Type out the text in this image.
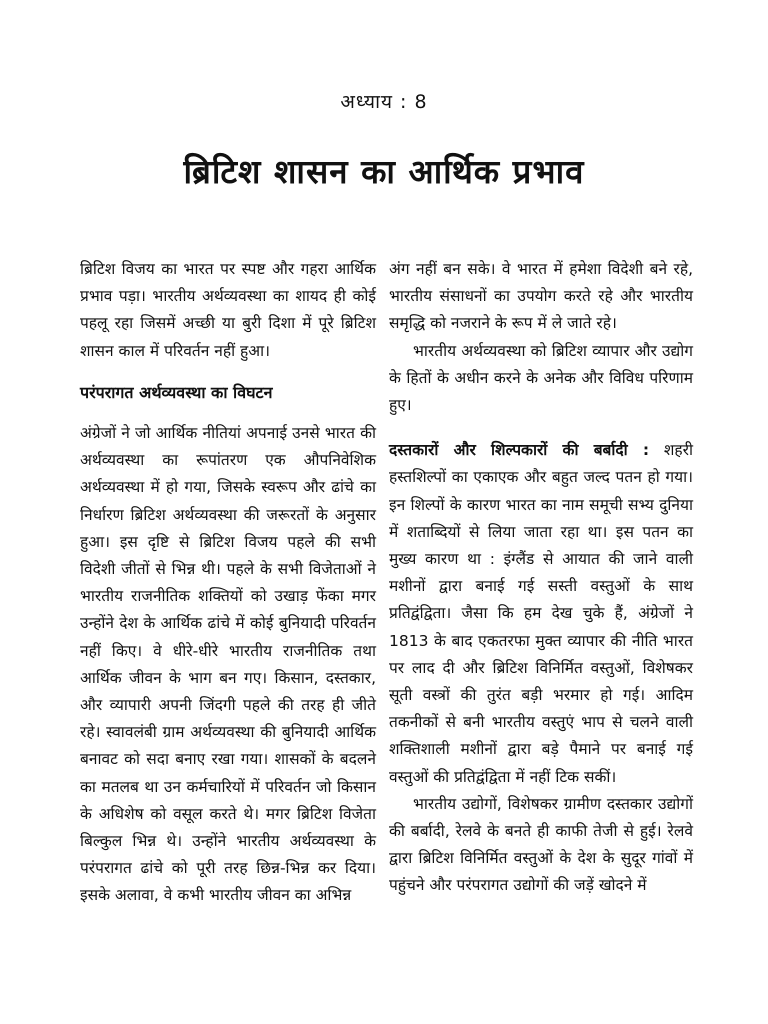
अध्याय : 8
ब्रिटिश शासन का आर्थिक प्रभाव

ब्रिटिश विजय का भारत पर स्पष्ट और गहरा आर्थिक प्रभाव पड़ा। भारतीय अर्थव्यवस्था का शायद ही कोई पहलू रहा जिसमें अच्छी या बुरी दिशा में पूरे ब्रिटिश शासन काल में परिवर्तन नहीं हुआ।

परंपरागत अर्थव्यवस्था का विघटन

अंग्रेजों ने जो आर्थिक नीतियां अपनाई उनसे भारत की अर्थव्यवस्था का रूपांतरण एक औपनिवेशिक अर्थव्यवस्था में हो गया, जिसके स्वरूप और ढांचे का निर्धारण ब्रिटिश अर्थव्यवस्था की जरूरतों के अनुसार हुआ। इस दृष्टि से ब्रिटिश विजय पहले की सभी विदेशी जीतों से भिन्न थी। पहले के सभी विजेताओं ने भारतीय राजनीतिक शक्तियों को उखाड़ फेंका मगर उन्होंने देश के आर्थिक ढांचे में कोई बुनियादी परिवर्तन नहीं किए। वे धीरे-धीरे भारतीय राजनीतिक तथा आर्थिक जीवन के भाग बन गए। किसान, दस्तकार, और व्यापारी अपनी जिंदगी पहले की तरह ही जीते रहे। स्वावलंबी ग्राम अर्थव्यवस्था की बुनियादी आर्थिक बनावट को सदा बनाए रखा गया। शासकों के बदलने का मतलब था उन कर्मचारियों में परिवर्तन जो किसान के अधिशेष को वसूल करते थे। मगर ब्रिटिश विजेता बिल्कुल भिन्न थे। उन्होंने भारतीय अर्थव्यवस्था के परंपरागत ढांचे को पूरी तरह छिन्न-भिन्न कर दिया। इसके अलावा, वे कभी भारतीय जीवन का अभिन्न

अंग नहीं बन सके। वे भारत में हमेशा विदेशी बने रहे, भारतीय संसाधनों का उपयोग करते रहे और भारतीय समृद्धि को नजराने के रूप में ले जाते रहे।

भारतीय अर्थव्यवस्था को ब्रिटिश व्यापार और उद्योग के हितों के अधीन करने के अनेक और विविध परिणाम हुए।

दस्तकारों और शिल्पकारों की बर्बादी : शहरी हस्तशिल्पों का एकाएक और बहुत जल्द पतन हो गया। इन शिल्पों के कारण भारत का नाम समूची सभ्य दुनिया में शताब्दियों से लिया जाता रहा था। इस पतन का मुख्य कारण था : इंग्लैंड से आयात की जाने वाली मशीनों द्वारा बनाई गई सस्ती वस्तुओं के साथ प्रतिद्वंद्विता। जैसा कि हम देख चुके हैं, अंग्रेजों ने 1813 के बाद एकतरफा मुक्त व्यापार की नीति भारत पर लाद दी और ब्रिटिश विनिर्मित वस्तुओं, विशेषकर सूती वस्त्रों की तुरंत बड़ी भरमार हो गई। आदिम तकनीकों से बनी भारतीय वस्तुएं भाप से चलने वाली शक्तिशाली मशीनों द्वारा बड़े पैमाने पर बनाई गई वस्तुओं की प्रतिद्वंद्विता में नहीं टिक सकीं।

भारतीय उद्योगों, विशेषकर ग्रामीण दस्तकार उद्योगों की बर्बादी, रेलवे के बनते ही काफी तेजी से हुई। रेलवे द्वारा ब्रिटिश विनिर्मित वस्तुओं के देश के सुदूर गांवों में पहुंचने और परंपरागत उद्योगों की जड़ें खोदने में
